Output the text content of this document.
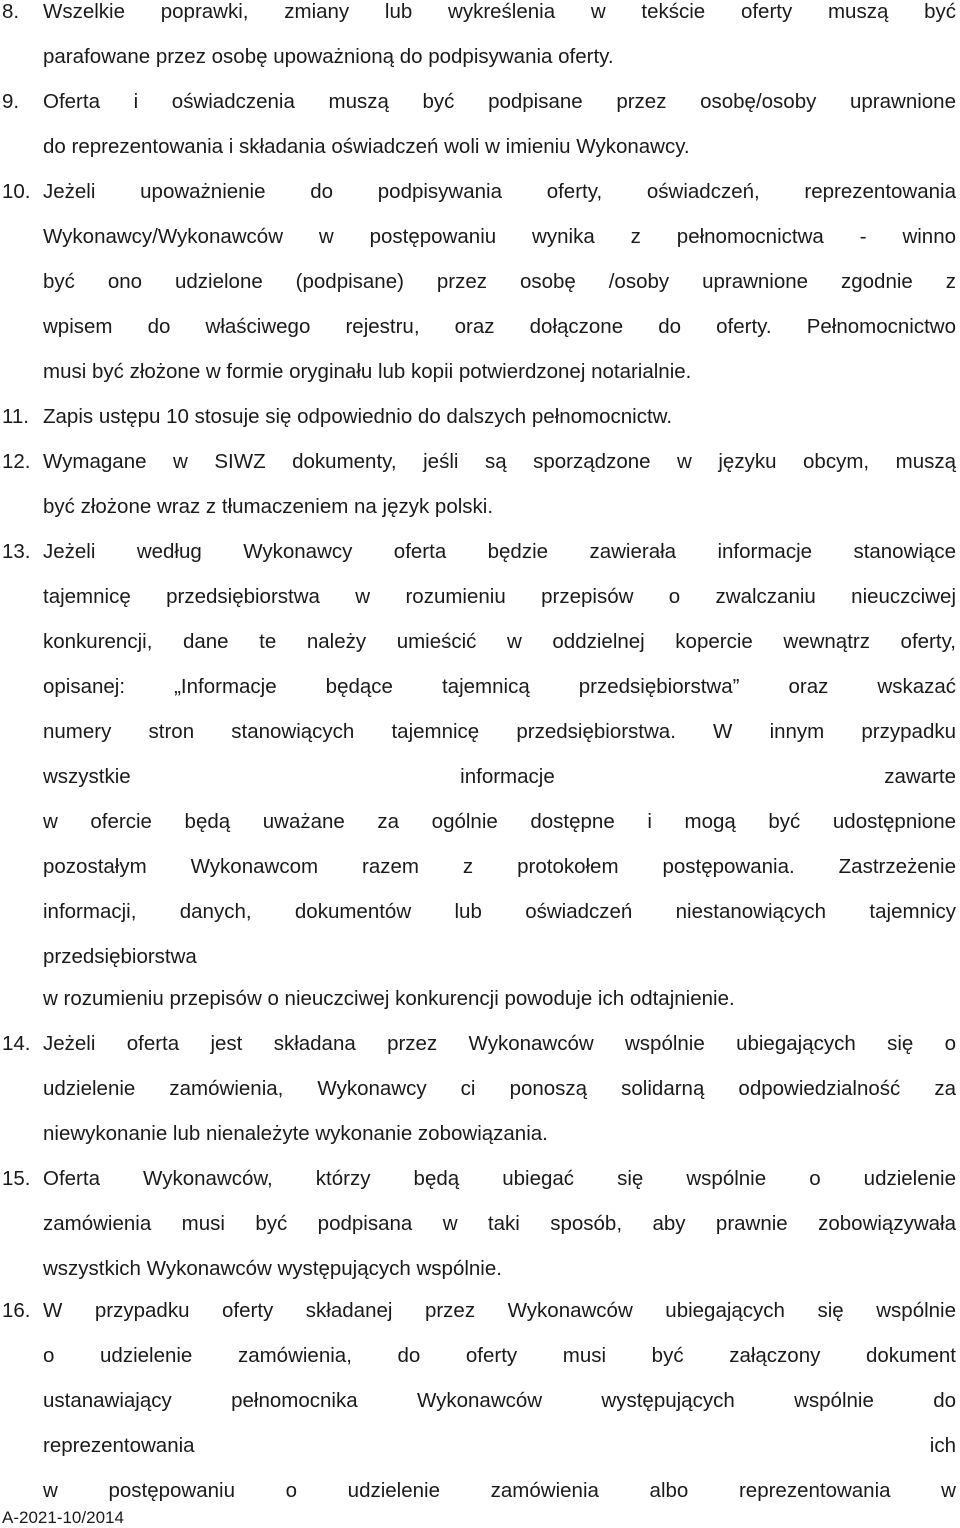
8. Wszelkie poprawki, zmiany lub wykreślenia w tekście oferty muszą być
parafowane przez osobę upoważnioną do podpisywania oferty.
9. Oferta i oświadczenia muszą być podpisane przez osobę/osoby uprawnione
do reprezentowania i składania oświadczeń woli w imieniu Wykonawcy.
10. Jeżeli upoważnienie do podpisywania oferty, oświadczeń, reprezentowania
Wykonawcy/Wykonawców w postępowaniu wynika z pełnomocnictwa - winno
być ono udzielone (podpisane) przez osobę /osoby uprawnione zgodnie z
wpisem do właściwego rejestru, oraz dołączone do oferty. Pełnomocnictwo
musi być złożone w formie oryginału lub kopii potwierdzonej notarialnie.
11. Zapis ustępu 10 stosuje się odpowiednio do dalszych pełnomocnictw.
12. Wymagane w SIWZ dokumenty, jeśli są sporządzone w języku obcym, muszą
być złożone wraz z tłumaczeniem na język polski.
13. Jeżeli według Wykonawcy oferta będzie zawierała informacje stanowiące
tajemnicę przedsiębiorstwa w rozumieniu przepisów o zwalczaniu nieuczciwej
konkurencji, dane te należy umieścić w oddzielnej kopercie wewnątrz oferty,
opisanej: „Informacje będące tajemnicą przedsiębiorstwa” oraz wskazać
numery stron stanowiących tajemnicę przedsiębiorstwa. W innym przypadku
wszystkie informacje zawarte
w ofercie będą uważane za ogólnie dostępne i mogą być udostępnione
pozostałym Wykonawcom razem z protokołem postępowania. Zastrzeżenie
informacji, danych, dokumentów lub oświadczeń niestanowiących tajemnicy
przedsiębiorstwa
w rozumieniu przepisów o nieuczciwej konkurencji powoduje ich odtajnienie.
14. Jeżeli oferta jest składana przez Wykonawców wspólnie ubiegających się o
udzielenie zamówienia, Wykonawcy ci ponoszą solidarną odpowiedzialność za
niewykonanie lub nienależyte wykonanie zobowiązania.
15. Oferta Wykonawców, którzy będą ubiegać się wspólnie o udzielenie
zamówienia musi być podpisana w taki sposób, aby prawnie zobowiązywała
wszystkich Wykonawców występujących wspólnie.
16. W przypadku oferty składanej przez Wykonawców ubiegających się wspólnie
o udzielenie zamówienia, do oferty musi być załączony dokument
ustanawiający pełnomocnika Wykonawców występujących wspólnie do
reprezentowania ich
w postępowaniu o udzielenie zamówienia albo reprezentowania w
A-2021-10/2014
